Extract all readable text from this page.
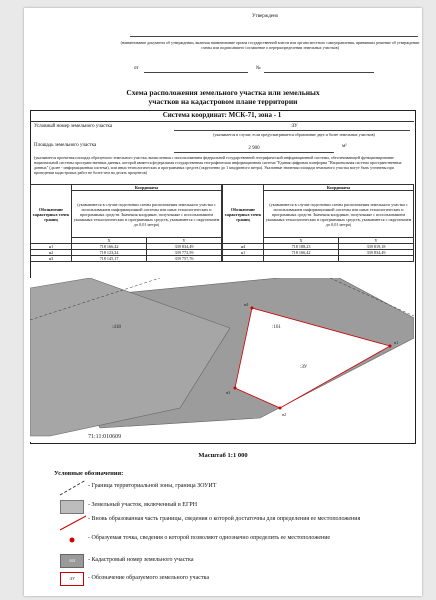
Утверждено
(наименование документа об утверждении, включая наименование органа государственной власти или органа местного самоуправления, принявших решение об утверждении схемы или подписавшего соглашение о перераспределении земельных участков)
от	№
Схема расположения земельного участка или земельных
участков на кадастровом плане территории
Система координат: МСК-71, зона - 1
Условный номер земельного участка	:ЗУ
(указывается в случае, если предусматривается образование двух и более земельных участков)
Площадь земельного участка
2 900	м²
(указывается проектная площадь образуемого земельного участка, вычисленная с использованием федеральной государственной географической информационной системы, обеспечивающей функционирование национальной системы пространственных данных, которой является федеральная государственная географическая информационная система "Единая цифровая платформа "Национальная система пространственных данных" (далее - информационная система), или иных технологических и программных средств (округленно до 1 квадратного метра). Указанные значения площади земельного участка могут быть уточнены при проведении кадастровых работ не более чем на десять процентов)
Обозначение характерных точек границ	Координаты	
	(указываются в случае подготовки схемы расположения земельного участка с использованием информационной системы или иных технологических и программных средств. Значения координат, полученные с использованием указанных технологических и программных средств, указываются с округлением до 0,01 метра)	
	X	Y
н1	718 166,42	339 834,49
н2	718 123,24	339 773,59
н3	718 145,17	339 757,76
Обозначение характерных точек границ	Координаты	
	(указываются в случае подготовки схемы расположения земельного участка с использованием информационной системы или иных технологических и программных средств. Значения координат, полученные с использованием указанных технологических и программных средств, указываются с округлением до 0,01 метра)	
	X	Y
н4	718 188,23	339 819,18
н1	718 166,42	339 834,49

:418	:161
:ЗУ
н1
н2
н3
н4
71:11:010609
Масштаб 1:1 000
Условные обозначения:
- Граница территориальной зоны, граница ЗОУИТ
- Земельный участок, включенный в ЕГРН
- Вновь образованная часть границы, сведения о которой достаточны для определения ее местоположения
- Образуемая точка, сведения о которой позволяют однозначно определить ее местоположение
:161	- Кадастровый номер земельного участка
:ЗУ	- Обозначение образуемого земельного участка
